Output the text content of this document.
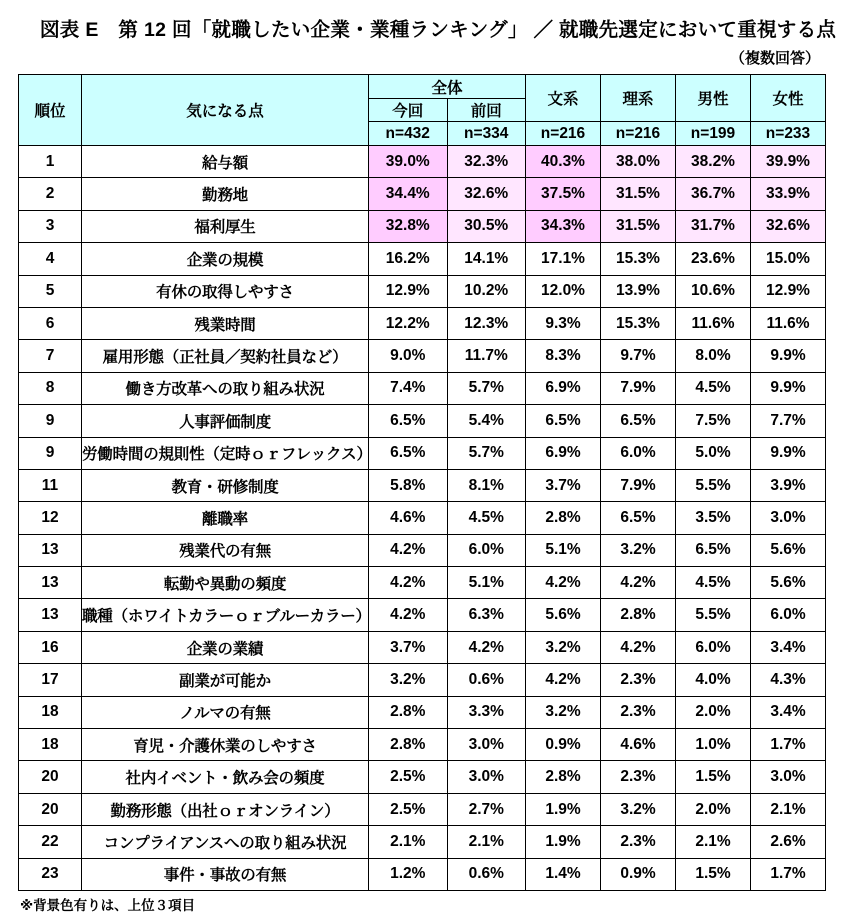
図表 E　第 12 回「就職したい企業・業種ランキング」 ／ 就職先選定において重視する点
（複数回答）
順位	気になる点	全体		文系	理系	男性	女性
		今回	前回				
		n=432	n=334	n=216	n=216	n=199	n=233
1	給与額	39.0%	32.3%	40.3%	38.0%	38.2%	39.9%
2	勤務地	34.4%	32.6%	37.5%	31.5%	36.7%	33.9%
3	福利厚生	32.8%	30.5%	34.3%	31.5%	31.7%	32.6%
4	企業の規模	16.2%	14.1%	17.1%	15.3%	23.6%	15.0%
5	有休の取得しやすさ	12.9%	10.2%	12.0%	13.9%	10.6%	12.9%
6	残業時間	12.2%	12.3%	9.3%	15.3%	11.6%	11.6%
7	雇用形態（正社員／契約社員など）	9.0%	11.7%	8.3%	9.7%	8.0%	9.9%
8	働き方改革への取り組み状況	7.4%	5.7%	6.9%	7.9%	4.5%	9.9%
9	人事評価制度	6.5%	5.4%	6.5%	6.5%	7.5%	7.7%
9	労働時間の規則性（定時ｏｒフレックス）	6.5%	5.7%	6.9%	6.0%	5.0%	9.9%
11	教育・研修制度	5.8%	8.1%	3.7%	7.9%	5.5%	3.9%
12	離職率	4.6%	4.5%	2.8%	6.5%	3.5%	3.0%
13	残業代の有無	4.2%	6.0%	5.1%	3.2%	6.5%	5.6%
13	転勤や異動の頻度	4.2%	5.1%	4.2%	4.2%	4.5%	5.6%
13	職種（ホワイトカラーｏｒブルーカラー）	4.2%	6.3%	5.6%	2.8%	5.5%	6.0%
16	企業の業績	3.7%	4.2%	3.2%	4.2%	6.0%	3.4%
17	副業が可能か	3.2%	0.6%	4.2%	2.3%	4.0%	4.3%
18	ノルマの有無	2.8%	3.3%	3.2%	2.3%	2.0%	3.4%
18	育児・介護休業のしやすさ	2.8%	3.0%	0.9%	4.6%	1.0%	1.7%
20	社内イベント・飲み会の頻度	2.5%	3.0%	2.8%	2.3%	1.5%	3.0%
20	勤務形態（出社ｏｒオンライン）	2.5%	2.7%	1.9%	3.2%	2.0%	2.1%
22	コンプライアンスへの取り組み状況	2.1%	2.1%	1.9%	2.3%	2.1%	2.6%
23	事件・事故の有無	1.2%	0.6%	1.4%	0.9%	1.5%	1.7%
※背景色有りは、上位３項目
